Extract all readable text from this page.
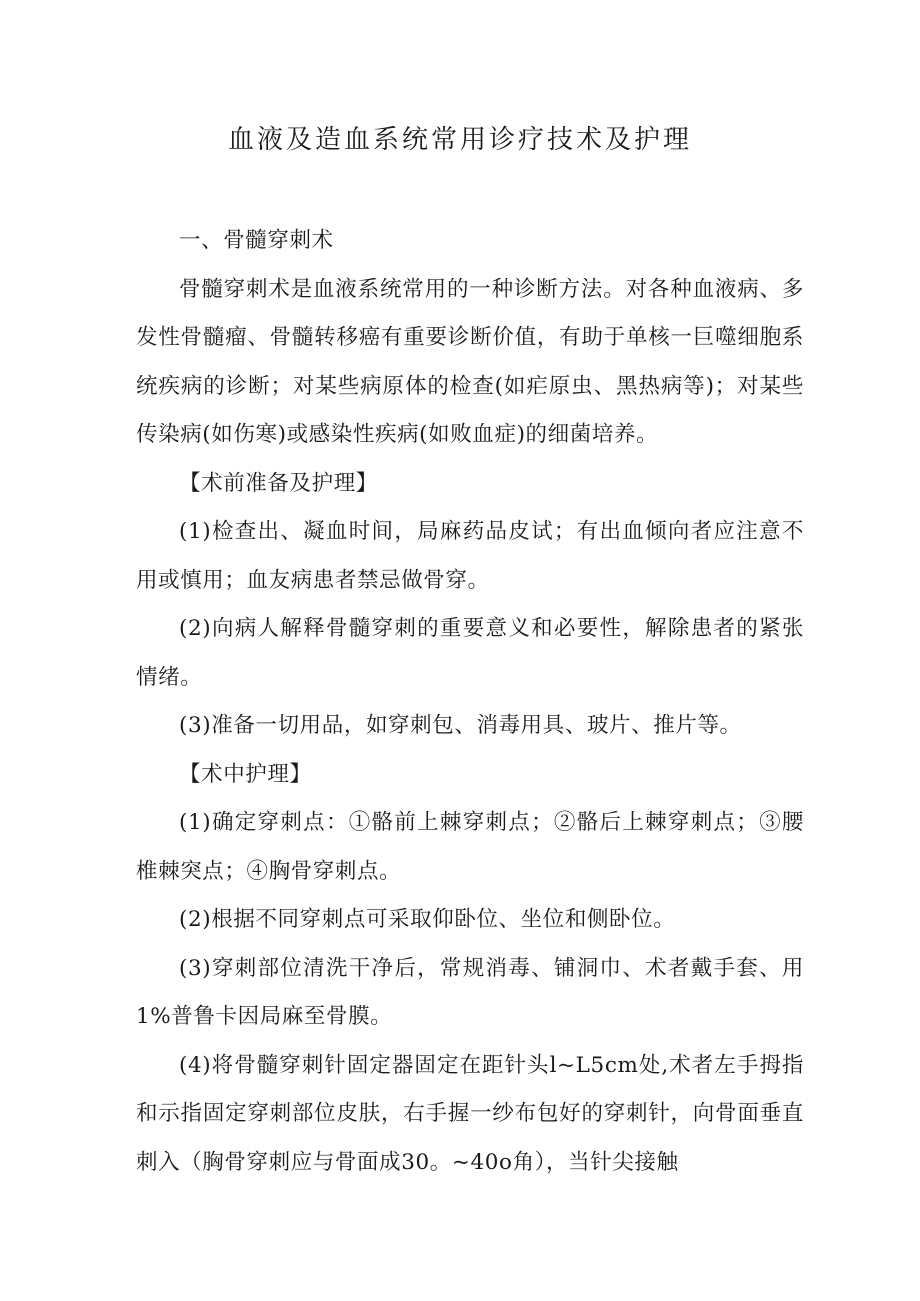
血液及造血系统常用诊疗技术及护理

一、骨髓穿刺术

骨髓穿刺术是血液系统常用的一种诊断方法。对各种血液病、多发性骨髓瘤、骨髓转移癌有重要诊断价值，有助于单核一巨噬细胞系统疾病的诊断；对某些病原体的检查(如疟原虫、黑热病等)；对某些传染病(如伤寒)或感染性疾病(如败血症)的细菌培养。

【术前准备及护理】

(1)检查出、凝血时间，局麻药品皮试；有出血倾向者应注意不用或慎用；血友病患者禁忌做骨穿。

(2)向病人解释骨髓穿刺的重要意义和必要性，解除患者的紧张情绪。

(3)准备一切用品，如穿刺包、消毒用具、玻片、推片等。

【术中护理】

(1)确定穿刺点：①骼前上棘穿刺点；②骼后上棘穿刺点；③腰椎棘突点；④胸骨穿刺点。

(2)根据不同穿刺点可采取仰卧位、坐位和侧卧位。

(3)穿刺部位清洗干净后，常规消毒、铺洞巾、术者戴手套、用1%普鲁卡因局麻至骨膜。

(4)将骨髓穿刺针固定器固定在距针头l~L5cm处,术者左手拇指和示指固定穿刺部位皮肤，右手握一纱布包好的穿刺针，向骨面垂直刺入（胸骨穿刺应与骨面成30。~40o角），当针尖接触
